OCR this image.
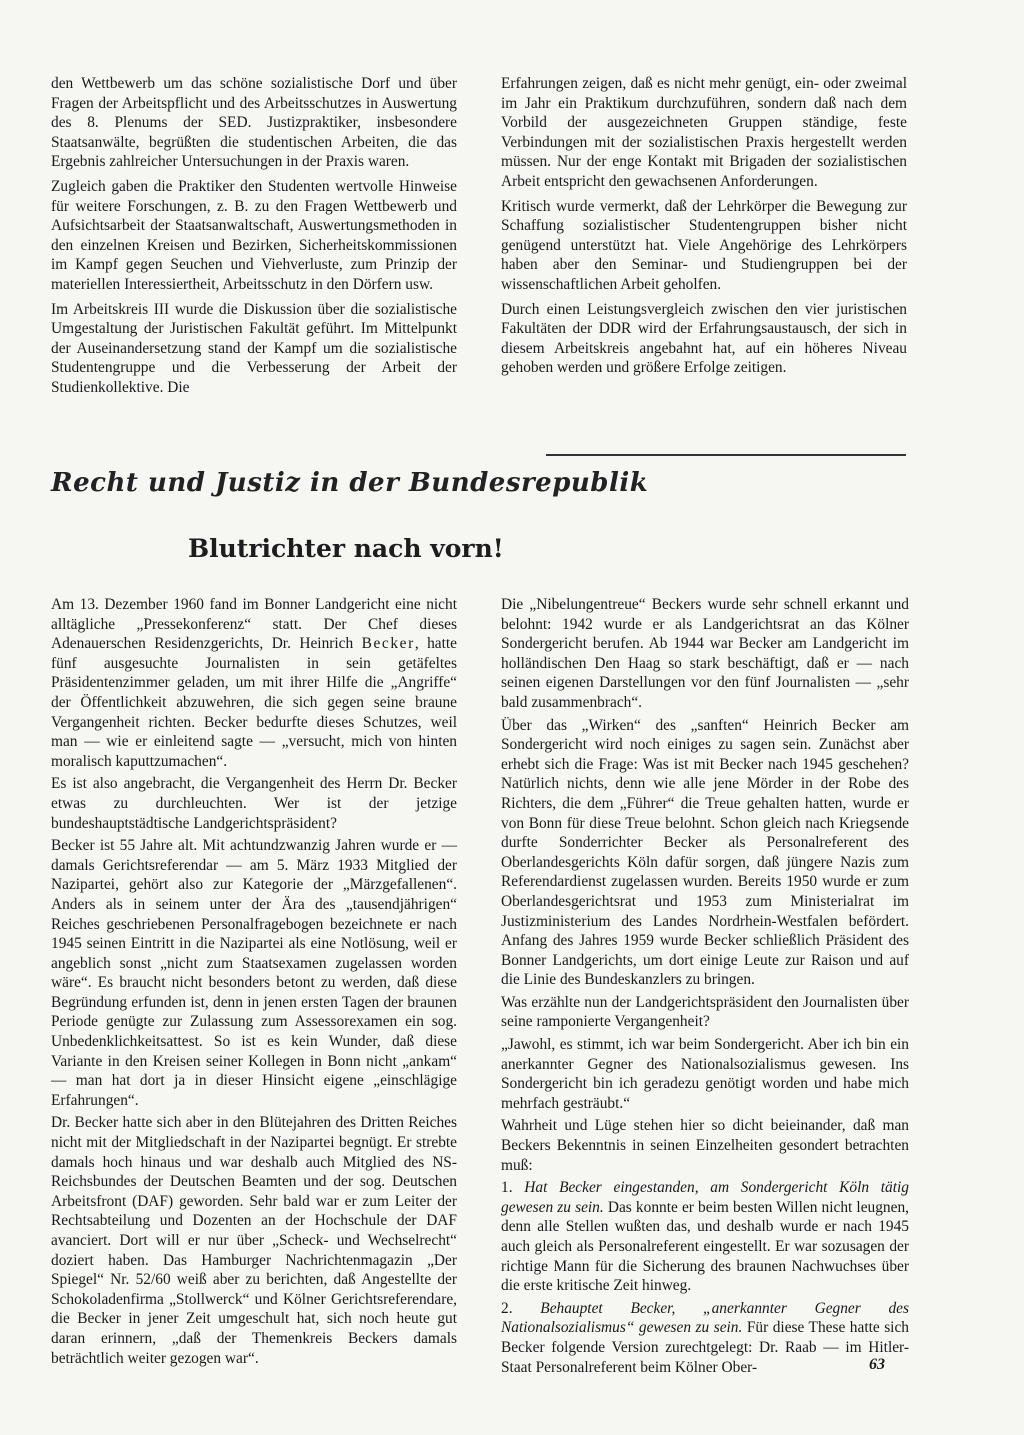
den Wettbewerb um das schöne sozialistische Dorf und über Fragen der Arbeitspflicht und des Arbeitsschutzes in Auswertung des 8. Plenums der SED. Justizpraktiker, insbesondere Staatsanwälte, begrüßten die studentischen Arbeiten, die das Ergebnis zahlreicher Untersuchungen in der Praxis waren.

Zugleich gaben die Praktiker den Studenten wertvolle Hinweise für weitere Forschungen, z. B. zu den Fragen Wettbewerb und Aufsichtsarbeit der Staatsanwaltschaft, Auswertungsmethoden in den einzelnen Kreisen und Bezirken, Sicherheitskommissionen im Kampf gegen Seuchen und Viehverluste, zum Prinzip der materiellen Interessiertheit, Arbeitsschutz in den Dörfern usw.

Im Arbeitskreis III wurde die Diskussion über die sozialistische Umgestaltung der Juristischen Fakultät geführt. Im Mittelpunkt der Auseinandersetzung stand der Kampf um die sozialistische Studentengruppe und die Verbesserung der Arbeit der Studienkollektive. Die

Erfahrungen zeigen, daß es nicht mehr genügt, ein- oder zweimal im Jahr ein Praktikum durchzuführen, sondern daß nach dem Vorbild der ausgezeichneten Gruppen ständige, feste Verbindungen mit der sozialistischen Praxis hergestellt werden müssen. Nur der enge Kontakt mit Brigaden der sozialistischen Arbeit entspricht den gewachsenen Anforderungen.

Kritisch wurde vermerkt, daß der Lehrkörper die Bewegung zur Schaffung sozialistischer Studentengruppen bisher nicht genügend unterstützt hat. Viele Angehörige des Lehrkörpers haben aber den Seminar- und Studiengruppen bei der wissenschaftlichen Arbeit geholfen.

Durch einen Leistungsvergleich zwischen den vier juristischen Fakultäten der DDR wird der Erfahrungsaustausch, der sich in diesem Arbeitskreis angebahnt hat, auf ein höheres Niveau gehoben werden und größere Erfolge zeitigen.

Recht und Justiz in der Bundesrepublik
Blutrichter nach vorn!

Am 13. Dezember 1960 fand im Bonner Landgericht eine nicht alltägliche „Pressekonferenz“ statt. Der Chef dieses Adenauerschen Residenzgerichts, Dr. Heinrich Becker, hatte fünf ausgesuchte Journalisten in sein getäfeltes Präsidentenzimmer geladen, um mit ihrer Hilfe die „Angriffe“ der Öffentlichkeit abzuwehren, die sich gegen seine braune Vergangenheit richten. Becker bedurfte dieses Schutzes, weil man — wie er einleitend sagte — „versucht, mich von hinten moralisch kaputtzumachen“.

Es ist also angebracht, die Vergangenheit des Herrn Dr. Becker etwas zu durchleuchten. Wer ist der jetzige bundeshauptstädtische Landgerichtspräsident?

Becker ist 55 Jahre alt. Mit achtundzwanzig Jahren wurde er — damals Gerichtsreferendar — am 5. März 1933 Mitglied der Nazipartei, gehört also zur Kategorie der „Märzgefallenen“. Anders als in seinem unter der Ära des „tausendjährigen“ Reiches geschriebenen Personalfragebogen bezeichnete er nach 1945 seinen Eintritt in die Nazipartei als eine Notlösung, weil er angeblich sonst „nicht zum Staatsexamen zugelassen worden wäre“. Es braucht nicht besonders betont zu werden, daß diese Begründung erfunden ist, denn in jenen ersten Tagen der braunen Periode genügte zur Zulassung zum Assessorexamen ein sog. Unbedenklichkeitsattest. So ist es kein Wunder, daß diese Variante in den Kreisen seiner Kollegen in Bonn nicht „ankam“ — man hat dort ja in dieser Hinsicht eigene „einschlägige Erfahrungen“.

Dr. Becker hatte sich aber in den Blütejahren des Dritten Reiches nicht mit der Mitgliedschaft in der Nazipartei begnügt. Er strebte damals hoch hinaus und war deshalb auch Mitglied des NS-Reichsbundes der Deutschen Beamten und der sog. Deutschen Arbeitsfront (DAF) geworden. Sehr bald war er zum Leiter der Rechtsabteilung und Dozenten an der Hochschule der DAF avanciert. Dort will er nur über „Scheck- und Wechselrecht“ doziert haben. Das Hamburger Nachrichtenmagazin „Der Spiegel“ Nr. 52/60 weiß aber zu berichten, daß Angestellte der Schokoladenfirma „Stollwerck“ und Kölner Gerichtsreferendare, die Becker in jener Zeit umgeschult hat, sich noch heute gut daran erinnern, „daß der Themenkreis Beckers damals beträchtlich weiter gezogen war“.

Die „Nibelungentreue“ Beckers wurde sehr schnell erkannt und belohnt: 1942 wurde er als Landgerichtsrat an das Kölner Sondergericht berufen. Ab 1944 war Becker am Landgericht im holländischen Den Haag so stark beschäftigt, daß er — nach seinen eigenen Darstellungen vor den fünf Journalisten — „sehr bald zusammenbrach“.

Über das „Wirken“ des „sanften“ Heinrich Becker am Sondergericht wird noch einiges zu sagen sein. Zunächst aber erhebt sich die Frage: Was ist mit Becker nach 1945 geschehen? Natürlich nichts, denn wie alle jene Mörder in der Robe des Richters, die dem „Führer“ die Treue gehalten hatten, wurde er von Bonn für diese Treue belohnt. Schon gleich nach Kriegsende durfte Sonderrichter Becker als Personalreferent des Oberlandesgerichts Köln dafür sorgen, daß jüngere Nazis zum Referendardienst zugelassen wurden. Bereits 1950 wurde er zum Oberlandesgerichtsrat und 1953 zum Ministerialrat im Justizministerium des Landes Nordrhein-Westfalen befördert. Anfang des Jahres 1959 wurde Becker schließlich Präsident des Bonner Landgerichts, um dort einige Leute zur Raison und auf die Linie des Bundeskanzlers zu bringen.

Was erzählte nun der Landgerichtspräsident den Journalisten über seine ramponierte Vergangenheit?

„Jawohl, es stimmt, ich war beim Sondergericht. Aber ich bin ein anerkannter Gegner des Nationalsozialismus gewesen. Ins Sondergericht bin ich geradezu genötigt worden und habe mich mehrfach gesträubt.“

Wahrheit und Lüge stehen hier so dicht beieinander, daß man Beckers Bekenntnis in seinen Einzelheiten gesondert betrachten muß:

1. Hat Becker eingestanden, am Sondergericht Köln tätig gewesen zu sein. Das konnte er beim besten Willen nicht leugnen, denn alle Stellen wußten das, und deshalb wurde er nach 1945 auch gleich als Personalreferent eingestellt. Er war sozusagen der richtige Mann für die Sicherung des braunen Nachwuchses über die erste kritische Zeit hinweg.

2. Behauptet Becker, „anerkannter Gegner des Nationalsozialismus“ gewesen zu sein. Für diese These hatte sich Becker folgende Version zurechtgelegt: Dr. Raab — im Hitler-Staat Personalreferent beim Kölner Ober-	63
